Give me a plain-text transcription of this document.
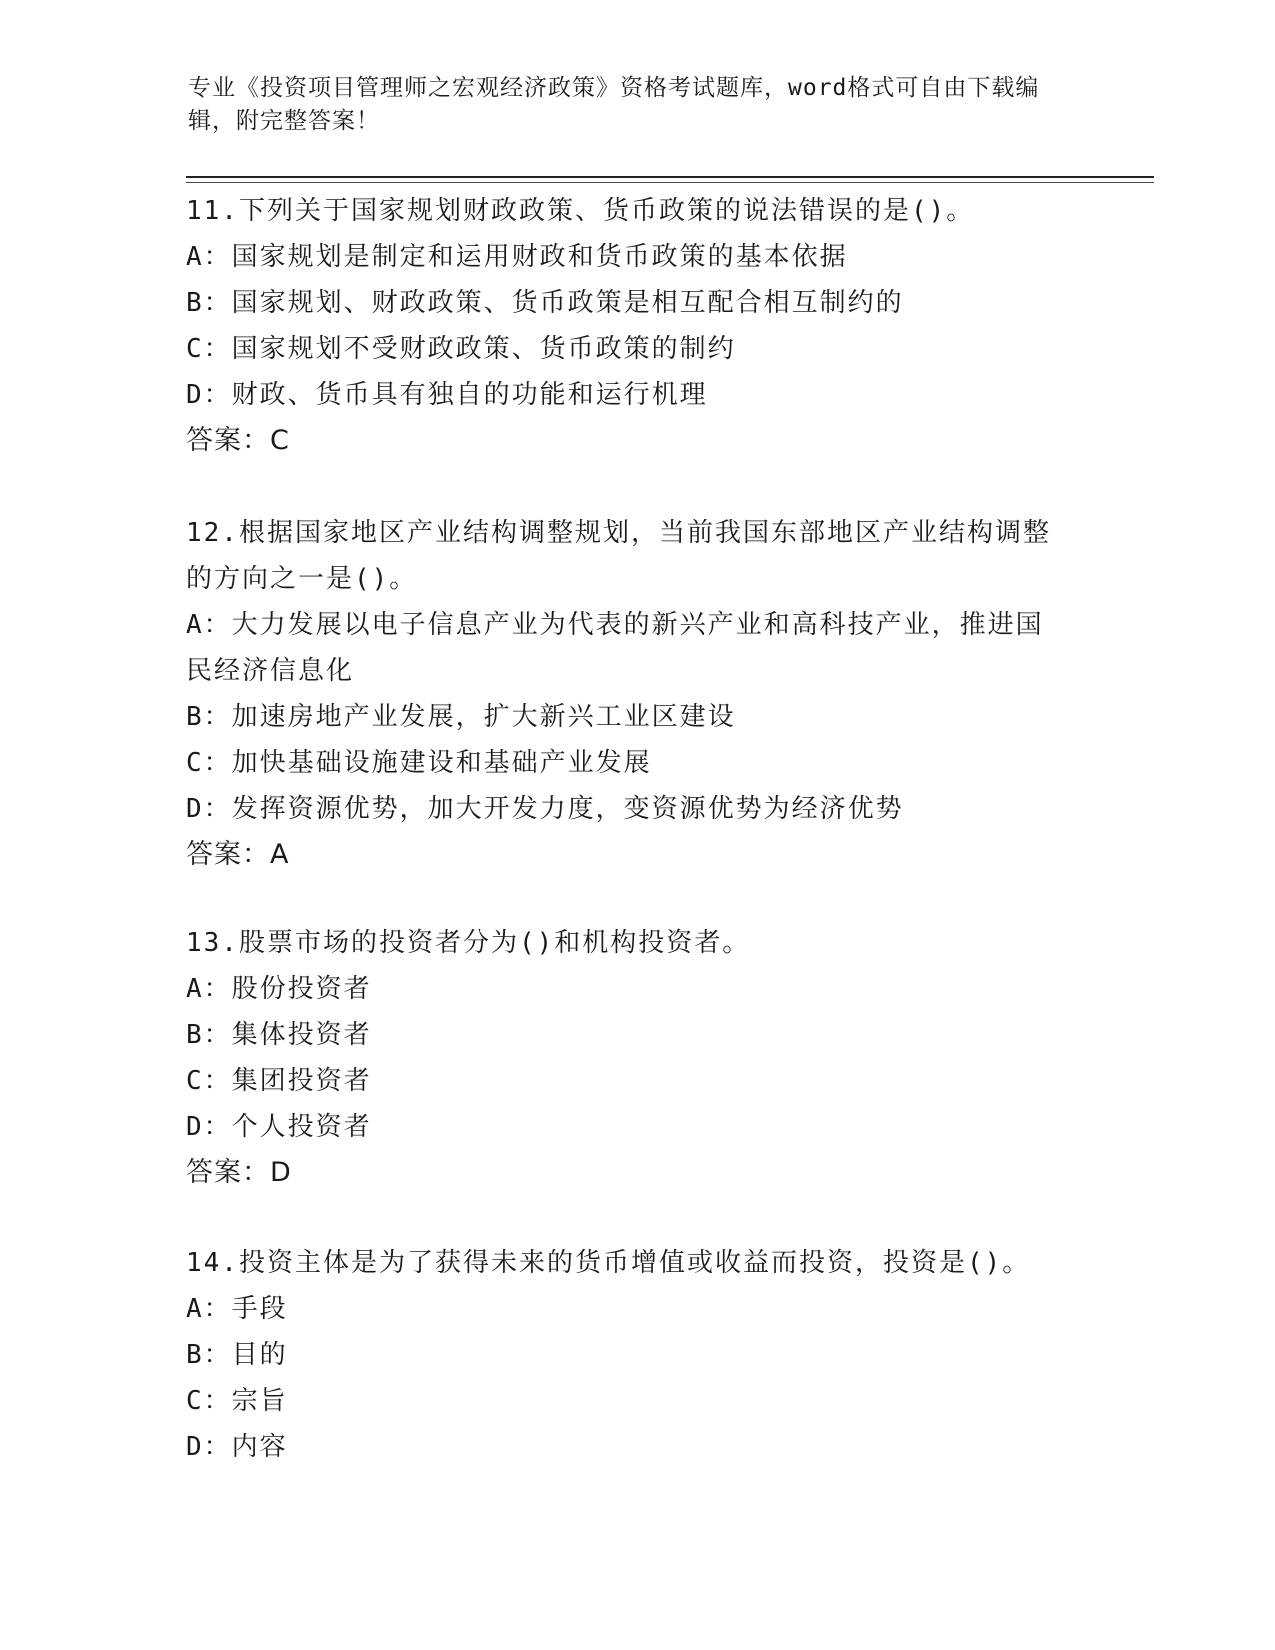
专业《投资项目管理师之宏观经济政策》资格考试题库，word格式可自由下载编辑，附完整答案！
11.下列关于国家规划财政政策、货币政策的说法错误的是()。
A：国家规划是制定和运用财政和货币政策的基本依据
B：国家规划、财政政策、货币政策是相互配合相互制约的
C：国家规划不受财政政策、货币政策的制约
D：财政、货币具有独自的功能和运行机理
答案：C
12.根据国家地区产业结构调整规划，当前我国东部地区产业结构调整
的方向之一是()。
A：大力发展以电子信息产业为代表的新兴产业和高科技产业，推进国
民经济信息化
B：加速房地产业发展，扩大新兴工业区建设
C：加快基础设施建设和基础产业发展
D：发挥资源优势，加大开发力度，变资源优势为经济优势
答案：A
13.股票市场的投资者分为()和机构投资者。
A：股份投资者
B：集体投资者
C：集团投资者
D：个人投资者
答案：D
14.投资主体是为了获得未来的货币增值或收益而投资，投资是()。
A：手段
B：目的
C：宗旨
D：内容
